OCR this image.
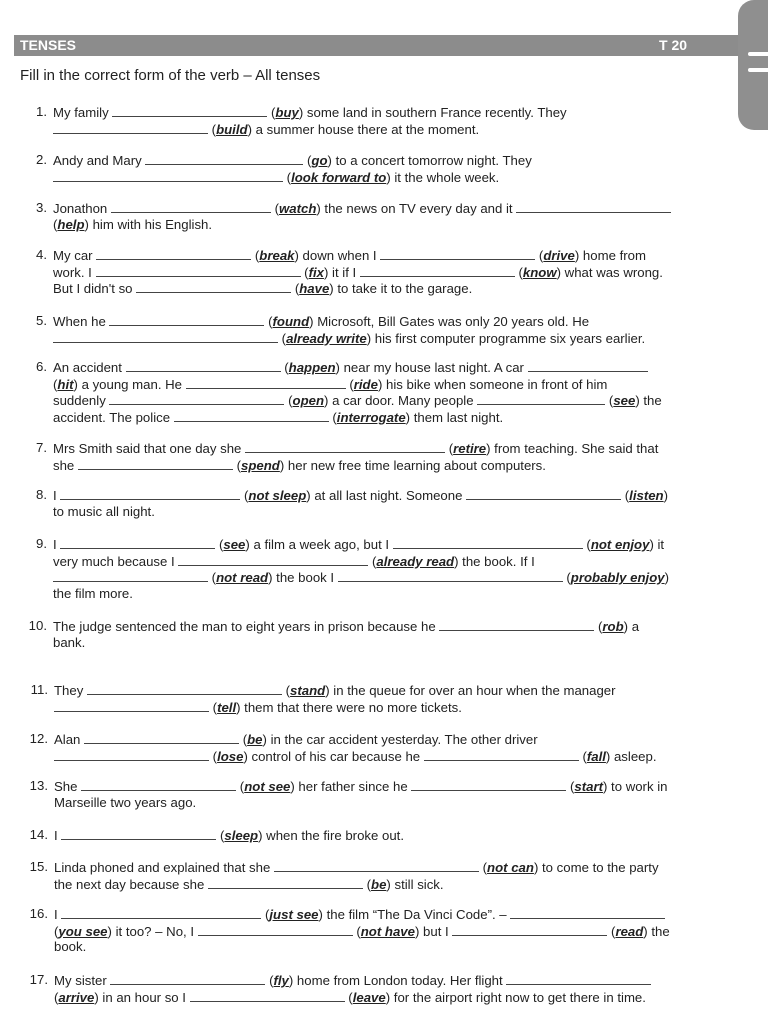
TENSES	T 20
Fill in the correct form of the verb – All tenses
1. My family	(buy) some land in southern France recently. They
(build) a summer house there at the moment.
2. Andy and Mary	(go) to a concert tomorrow night. They
(look forward to) it the whole week.
3. Jonathon	(watch) the news on TV every day and it
(help) him with his English.
4. My car	(break) down when I	(drive) home from
work. I	(fix) it if I	(know) what was wrong.
But I didn't so	(have) to take it to the garage.
5. When he	(found) Microsoft, Bill Gates was only 20 years old. He
(already write) his first computer programme six years earlier.
6. An accident	(happen) near my house last night. A car
(hit) a young man. He	(ride) his bike when someone in front of him
suddenly	(open) a car door. Many people	(see) the
accident. The police	(interrogate) them last night.
7. Mrs Smith said that one day she	(retire) from teaching. She said that
she	(spend) her new free time learning about computers.
8. I	(not sleep) at all last night. Someone	(listen)
to music all night.
9. I	(see) a film a week ago, but I	(not enjoy) it
very much because I	(already read) the book. If I
(not read) the book I	(probably enjoy)
the film more.
10. The judge sentenced the man to eight years in prison because he	(rob) a
bank.
11. They	(stand) in the queue for over an hour when the manager
(tell) them that there were no more tickets.
12. Alan	(be) in the car accident yesterday. The other driver
(lose) control of his car because he	(fall) asleep.
13. She	(not see) her father since he	(start) to work in
Marseille two years ago.
14. I	(sleep) when the fire broke out.
15. Linda phoned and explained that she	(not can) to come to the party
the next day because she	(be) still sick.
16. I	(just see) the film “The Da Vinci Code”. –
(you see) it too? – No, I	(not have) but I	(read) the
book.
17. My sister	(fly) home from London today. Her flight
(arrive) in an hour so I	(leave) for the airport right now to get there in time.
